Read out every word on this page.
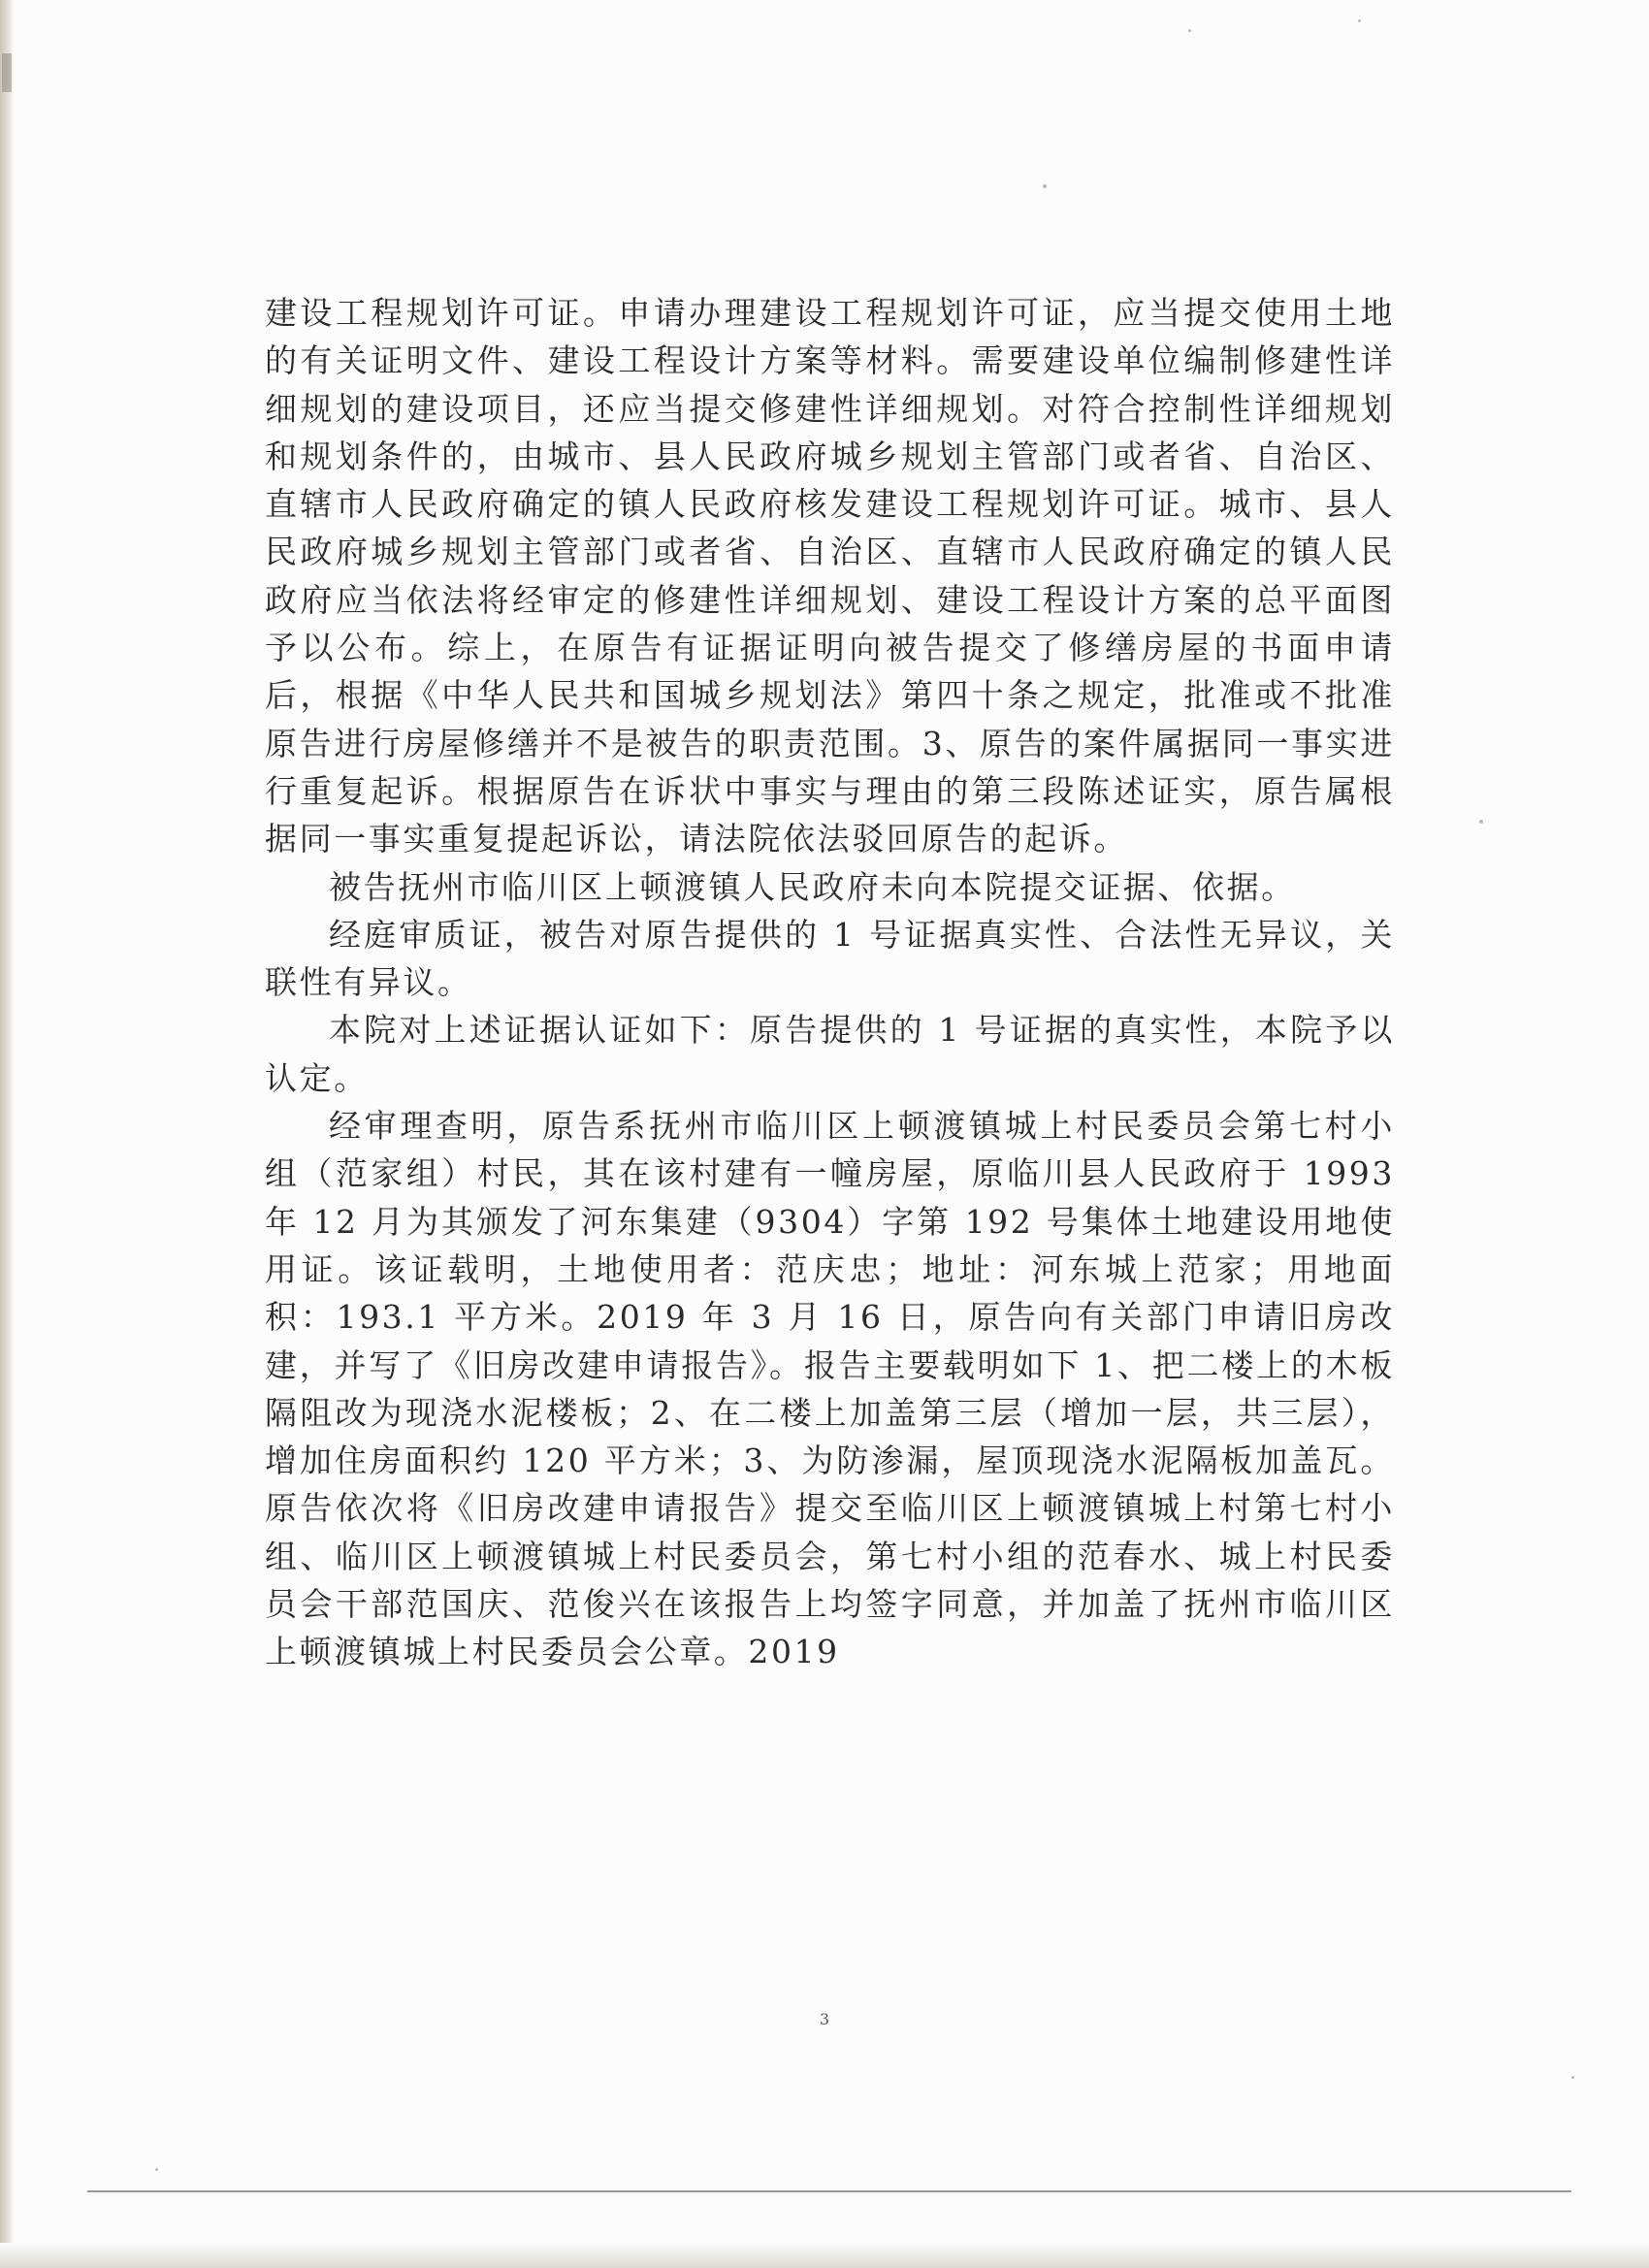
建设工程规划许可证。申请办理建设工程规划许可证，应当提交使用土地的有关证明文件、建设工程设计方案等材料。需要建设单位编制修建性详细规划的建设项目，还应当提交修建性详细规划。对符合控制性详细规划和规划条件的，由城市、县人民政府城乡规划主管部门或者省、自治区、直辖市人民政府确定的镇人民政府核发建设工程规划许可证。城市、县人民政府城乡规划主管部门或者省、自治区、直辖市人民政府确定的镇人民政府应当依法将经审定的修建性详细规划、建设工程设计方案的总平面图予以公布。综上，在原告有证据证明向被告提交了修缮房屋的书面申请后，根据《中华人民共和国城乡规划法》第四十条之规定，批准或不批准原告进行房屋修缮并不是被告的职责范围。3、原告的案件属据同一事实进行重复起诉。根据原告在诉状中事实与理由的第三段陈述证实，原告属根据同一事实重复提起诉讼，请法院依法驳回原告的起诉。

被告抚州市临川区上顿渡镇人民政府未向本院提交证据、依据。

经庭审质证，被告对原告提供的 1 号证据真实性、合法性无异议，关联性有异议。

本院对上述证据认证如下：原告提供的 1 号证据的真实性，本院予以认定。

经审理查明，原告系抚州市临川区上顿渡镇城上村民委员会第七村小组（范家组）村民，其在该村建有一幢房屋，原临川县人民政府于 1993 年 12 月为其颁发了河东集建（9304）字第 192 号集体土地建设用地使用证。该证载明，土地使用者：范庆忠；地址：河东城上范家；用地面积：193.1 平方米。2019 年 3 月 16 日，原告向有关部门申请旧房改建，并写了《旧房改建申请报告》。报告主要载明如下 1、把二楼上的木板隔阻改为现浇水泥楼板；2、在二楼上加盖第三层（增加一层，共三层），增加住房面积约 120 平方米；3、为防渗漏，屋顶现浇水泥隔板加盖瓦。原告依次将《旧房改建申请报告》提交至临川区上顿渡镇城上村第七村小组、临川区上顿渡镇城上村民委员会，第七村小组的范春水、城上村民委员会干部范国庆、范俊兴在该报告上均签字同意，并加盖了抚州市临川区上顿渡镇城上村民委员会公章。2019

3
